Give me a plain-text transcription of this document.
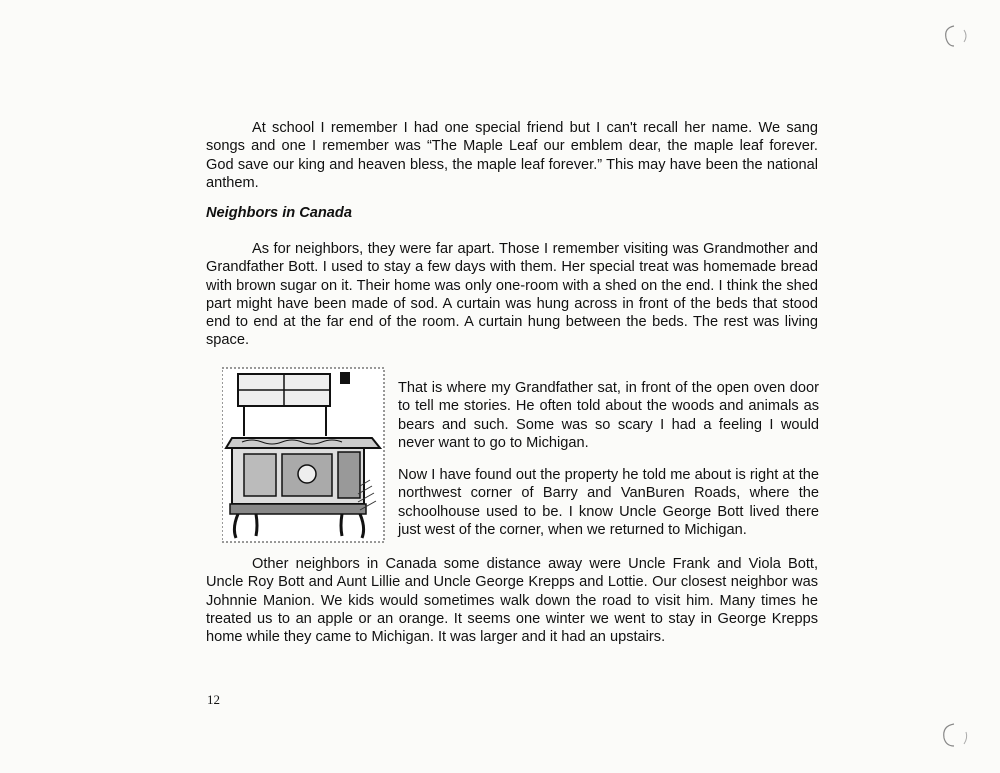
At school I remember I had one special friend but I can't recall her name. We sang songs and one I remember was “The Maple Leaf our emblem dear, the maple leaf forever. God save our king and heaven bless, the maple leaf forever.” This may have been the national anthem.

Neighbors in Canada

As for neighbors, they were far apart. Those I remember visiting was Grandmother and Grandfather Bott. I used to stay a few days with them. Her special treat was homemade bread with brown sugar on it. Their home was only one-room with a shed on the end. I think the shed part might have been made of sod. A curtain was hung across in front of the beds that stood end to end at the far end of the room. A curtain hung between the beds. The rest was living space.

That is where my Grandfather sat, in front of the open oven door to tell me stories. He often told about the woods and animals as bears and such. Some was so scary I had a feeling I would never want to go to Michigan.

Now I have found out the property he told me about is right at the northwest corner of Barry and VanBuren Roads, where the schoolhouse used to be. I know Uncle George Bott lived there just west of the corner, when we returned to Michigan.

Other neighbors in Canada some distance away were Uncle Frank and Viola Bott, Uncle Roy Bott and Aunt Lillie and Uncle George Krepps and Lottie. Our closest neighbor was Johnnie Manion. We kids would sometimes walk down the road to visit him. Many times he treated us to an apple or an orange. It seems one winter we went to stay in George Krepps home while they came to Michigan. It was larger and it had an upstairs.

12
